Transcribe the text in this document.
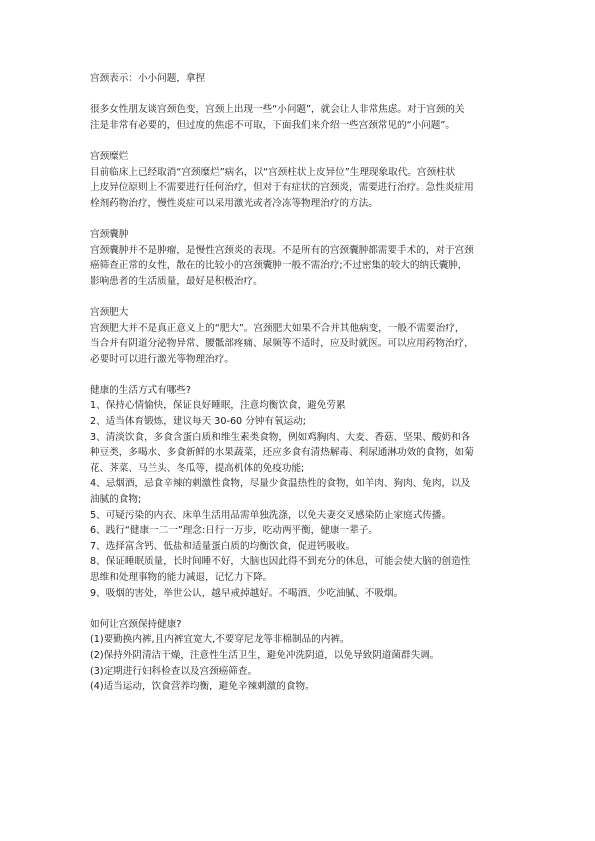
宫颈表示：小小问题，拿捏
很多女性朋友谈宫颈色变，宫颈上出现一些“小问题”，就会让人非常焦虑。对于宫颈的关
注是非常有必要的，但过度的焦虑不可取，下面我们来介绍一些宫颈常见的“小问题”。
宫颈糜烂
目前临床上已经取消“宫颈糜烂”病名，以“宫颈柱状上皮异位”生理现象取代。宫颈柱状
上皮异位原则上不需要进行任何治疗，但对于有症状的宫颈炎，需要进行治疗。急性炎症用
栓剂药物治疗，慢性炎症可以采用激光或者冷冻等物理治疗的方法。
宫颈囊肿
宫颈囊肿并不是肿瘤，是慢性宫颈炎的表现。不是所有的宫颈囊肿都需要手术的，对于宫颈
癌筛查正常的女性，散在的比较小的宫颈囊肿一般不需治疗;不过密集的较大的纳氏囊肿，
影响患者的生活质量，最好是积极治疗。
宫颈肥大
宫颈肥大并不是真正意义上的“肥大”。宫颈肥大如果不合并其他病变，一般不需要治疗，
当合并有阴道分泌物异常、腰骶部疼痛、尿频等不适时，应及时就医。可以应用药物治疗，
必要时可以进行激光等物理治疗。
健康的生活方式有哪些?
1、保持心情愉快，保证良好睡眠，注意均衡饮食，避免劳累
2、适当体育锻炼，建议每天 30-60 分钟有氧运动;
3、清淡饮食，多食含蛋白质和维生素类食物，例如鸡胸肉、大麦、香菇、坚果、酸奶和各
种豆类，多喝水、多食新鲜的水果蔬菜，还应多食有清热解毒、利尿通淋功效的食物，如菊
花、荠菜、马兰头、冬瓜等，提高机体的免疫功能;
4、忌烟酒，忌食辛辣的刺激性食物，尽量少食温热性的食物，如羊肉、狗肉、兔肉，以及
油腻的食物;
5、可疑污染的内衣、床单生活用品需单独洗涤，以免夫妻交叉感染防止家庭式传播。
6、践行“健康一二一”理念:日行一万步，吃动两平衡，健康一辈子。
7、选择富含钙、低盐和适量蛋白质的均衡饮食，促进钙吸收。
8、保证睡眠质量，长时间睡不好，大脑也因此得不到充分的休息，可能会使大脑的创造性
思维和处理事物的能力减退，记忆力下降。
9、吸烟的害处，举世公认，越早戒掉越好。不喝酒、少吃油腻、不吸烟。
如何让宫颈保持健康?
(1)要勤换内裤,且内裤宜宽大,不要穿尼龙等非棉制品的内裤。
(2)保持外阴清洁干燥，注意性生活卫生，避免冲洗阴道，以免导致阴道菌群失调。
(3)定期进行妇科检查以及宫颈癌筛查。
(4)适当运动，饮食营养均衡，避免辛辣刺激的食物。
